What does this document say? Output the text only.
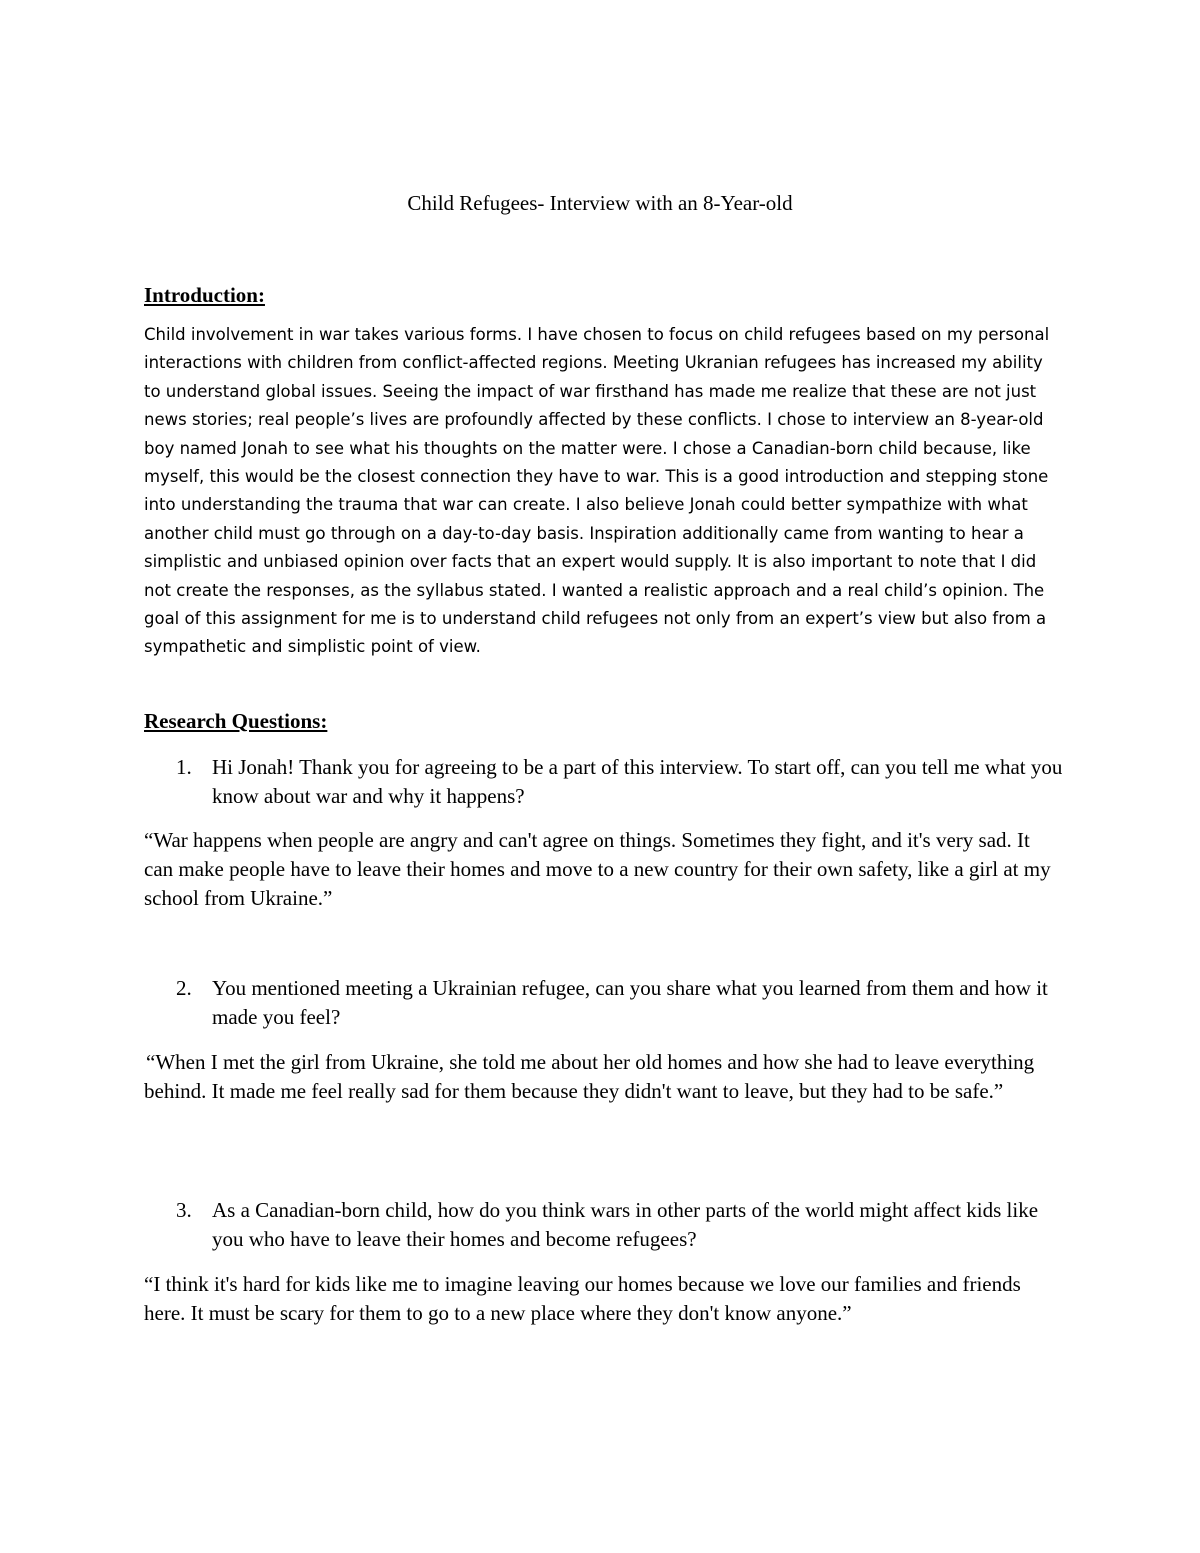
Child Refugees- Interview with an 8-Year-old
Introduction:

Child involvement in war takes various forms. I have chosen to focus on child refugees based on my personal interactions with children from conflict-affected regions. Meeting Ukranian refugees has increased my ability to understand global issues. Seeing the impact of war firsthand has made me realize that these are not just news stories; real people’s lives are profoundly affected by these conflicts. I chose to interview an 8-year-old boy named Jonah to see what his thoughts on the matter were. I chose a Canadian-born child because, like myself, this would be the closest connection they have to war. This is a good introduction and stepping stone into understanding the trauma that war can create. I also believe Jonah could better sympathize with what another child must go through on a day-to-day basis. Inspiration additionally came from wanting to hear a simplistic and unbiased opinion over facts that an expert would supply. It is also important to note that I did not create the responses, as the syllabus stated. I wanted a realistic approach and a real child’s opinion. The goal of this assignment for me is to understand child refugees not only from an expert’s view but also from a sympathetic and simplistic point of view.

Research Questions:
1. Hi Jonah! Thank you for agreeing to be a part of this interview. To start off, can you tell me what you know about war and why it happens?

“War happens when people are angry and can't agree on things. Sometimes they fight, and it's very sad. It can make people have to leave their homes and move to a new country for their own safety, like a girl at my school from Ukraine.”

2. You mentioned meeting a Ukrainian refugee, can you share what you learned from them and how it made you feel?

“When I met the girl from Ukraine, she told me about her old homes and how she had to leave everything behind. It made me feel really sad for them because they didn't want to leave, but they had to be safe.”

3. As a Canadian-born child, how do you think wars in other parts of the world might affect kids like you who have to leave their homes and become refugees?

“I think it's hard for kids like me to imagine leaving our homes because we love our families and friends here. It must be scary for them to go to a new place where they don't know anyone.”
